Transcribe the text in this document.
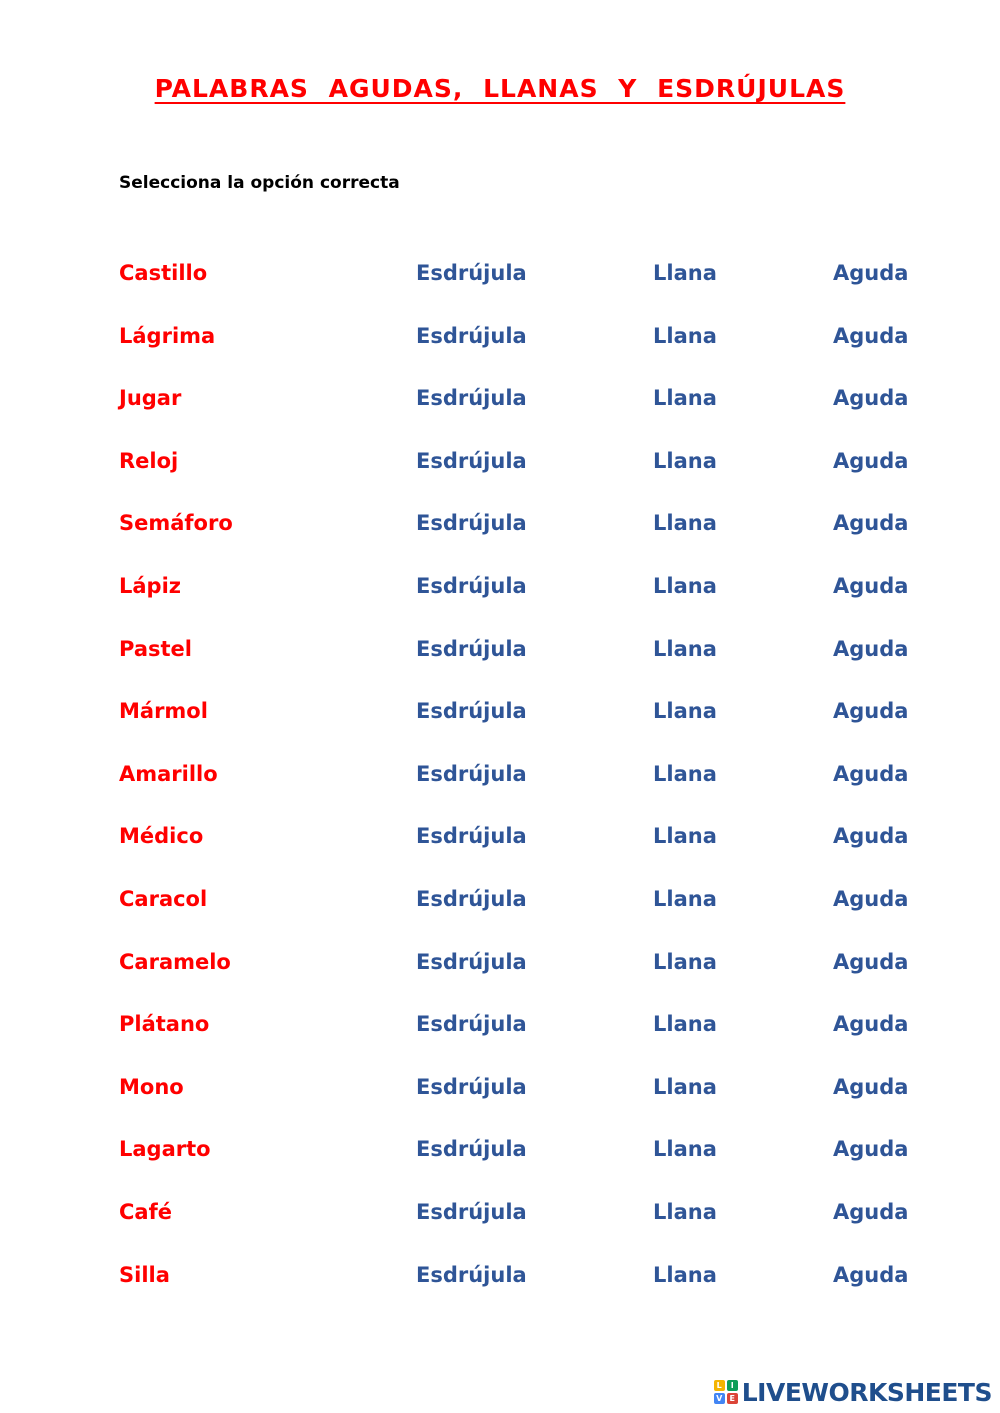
PALABRAS AGUDAS, LLANAS Y ESDRÚJULAS

Selecciona la opción correcta

Castillo	Esdrújula	Llana	Aguda
Lágrima	Esdrújula	Llana	Aguda
Jugar	Esdrújula	Llana	Aguda
Reloj	Esdrújula	Llana	Aguda
Semáforo	Esdrújula	Llana	Aguda
Lápiz	Esdrújula	Llana	Aguda
Pastel	Esdrújula	Llana	Aguda
Mármol	Esdrújula	Llana	Aguda
Amarillo	Esdrújula	Llana	Aguda
Médico	Esdrújula	Llana	Aguda
Caracol	Esdrújula	Llana	Aguda
Caramelo	Esdrújula	Llana	Aguda
Plátano	Esdrújula	Llana	Aguda
Mono	Esdrújula	Llana	Aguda
Lagarto	Esdrújula	Llana	Aguda
Café	Esdrújula	Llana	Aguda
Silla	Esdrújula	Llana	Aguda
L	I
V E LIVEWORKSHEETS
